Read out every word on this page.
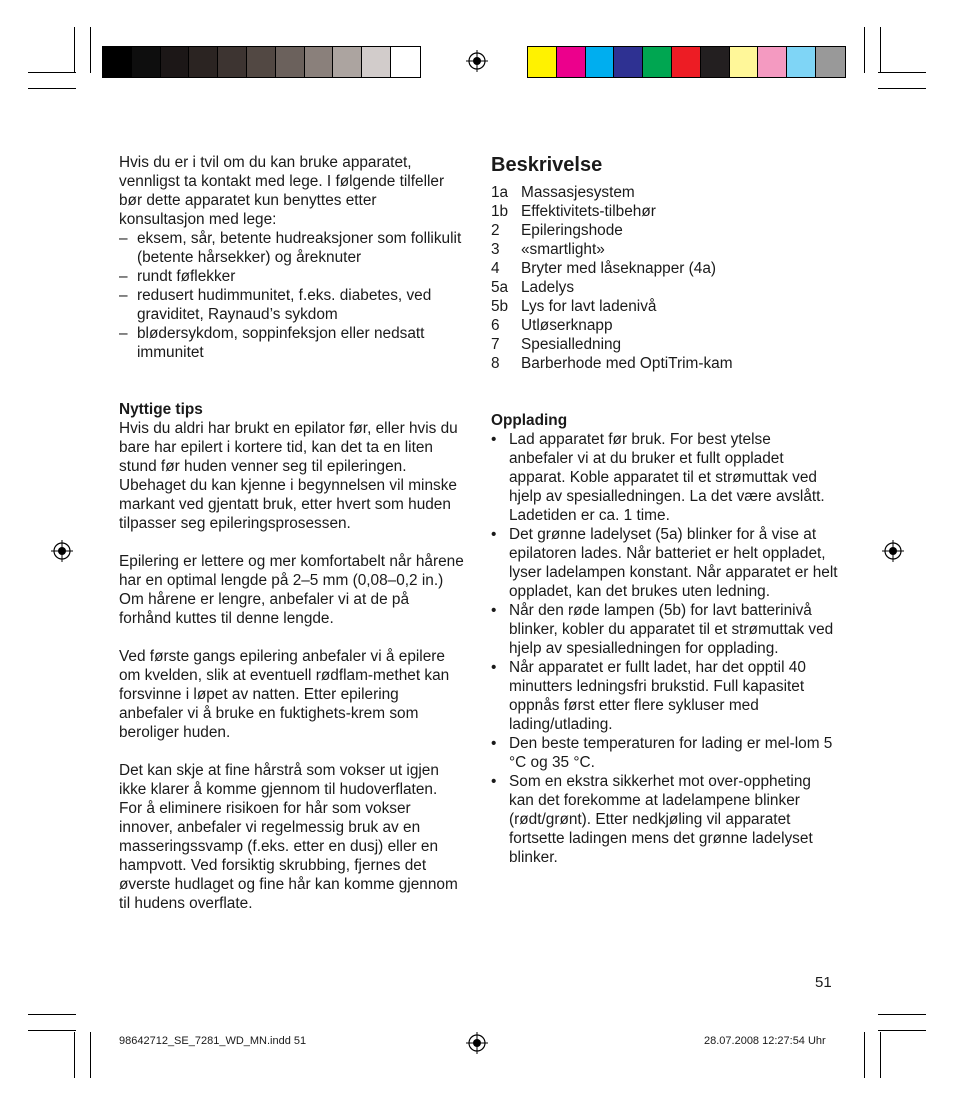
Hvis du er i tvil om du kan bruke apparatet, vennligst ta kontakt med lege. I følgende tilfeller bør dette apparatet kun benyttes etter konsultasjon med lege:

– eksem, sår, betente hudreaksjoner som follikulit (betente hårsekker) og åreknuter
– rundt føflekker
– redusert hudimmunitet, f.eks. diabetes, ved graviditet, Raynaud’s sykdom
– blødersykdom, soppinfeksjon eller nedsatt immunitet

Nyttige tips

Hvis du aldri har brukt en epilator før, eller hvis du bare har epilert i kortere tid, kan det ta en liten stund før huden venner seg til epileringen. Ubehaget du kan kjenne i begynnelsen vil minske markant ved gjentatt bruk, etter hvert som huden tilpasser seg epileringsprosessen.

Epilering er lettere og mer komfortabelt når hårene har en optimal lengde på 2–5 mm (0,08–0,2 in.) Om hårene er lengre, anbefaler vi at de på forhånd kuttes til denne lengde.

Ved første gangs epilering anbefaler vi å epilere om kvelden, slik at eventuell rødflam-methet kan forsvinne i løpet av natten. Etter epilering anbefaler vi å bruke en fuktighets-krem som beroliger huden.

Det kan skje at fine hårstrå som vokser ut igjen ikke klarer å komme gjennom til hudoverflaten. For å eliminere risikoen for hår som vokser innover, anbefaler vi regelmessig bruk av en masseringssvamp (f.eks. etter en dusj) eller en hampvott. Ved forsiktig skrubbing, fjernes det øverste hudlaget og fine hår kan komme gjennom til hudens overflate.

Beskrivelse
1a Massasjesystem
1b Effektivitets-tilbehør
2	Epileringshode
3	«smartlight»
4	Bryter med låseknapper (4a)
5a Ladelys
5b Lys for lavt ladenivå
6	Utløserknapp
7	Spesialledning
8	Barberhode med OptiTrim-kam

Opplading

• Lad apparatet før bruk. For best ytelse anbefaler vi at du bruker et fullt oppladet apparat. Koble apparatet til et strømuttak ved hjelp av spesialledningen. La det være avslått. Ladetiden er ca. 1 time.
• Det grønne ladelyset (5a) blinker for å vise at epilatoren lades. Når batteriet er helt oppladet, lyser ladelampen konstant. Når apparatet er helt oppladet, kan det brukes uten ledning.
• Når den røde lampen (5b) for lavt batterinivå blinker, kobler du apparatet til et strømuttak ved hjelp av spesialledningen for opplading.
• Når apparatet er fullt ladet, har det opptil 40 minutters ledningsfri brukstid. Full kapasitet oppnås først etter flere sykluser med lading/utlading.
• Den beste temperaturen for lading er mel-lom 5 °C og 35 °C.
• Som en ekstra sikkerhet mot over-oppheting kan det forekomme at ladelampene blinker (rødt/grønt). Etter nedkjøling vil apparatet fortsette ladingen mens det grønne ladelyset blinker.
51
98642712_SE_7281_WD_MN.indd 51	28.07.2008 12:27:54 Uhr
